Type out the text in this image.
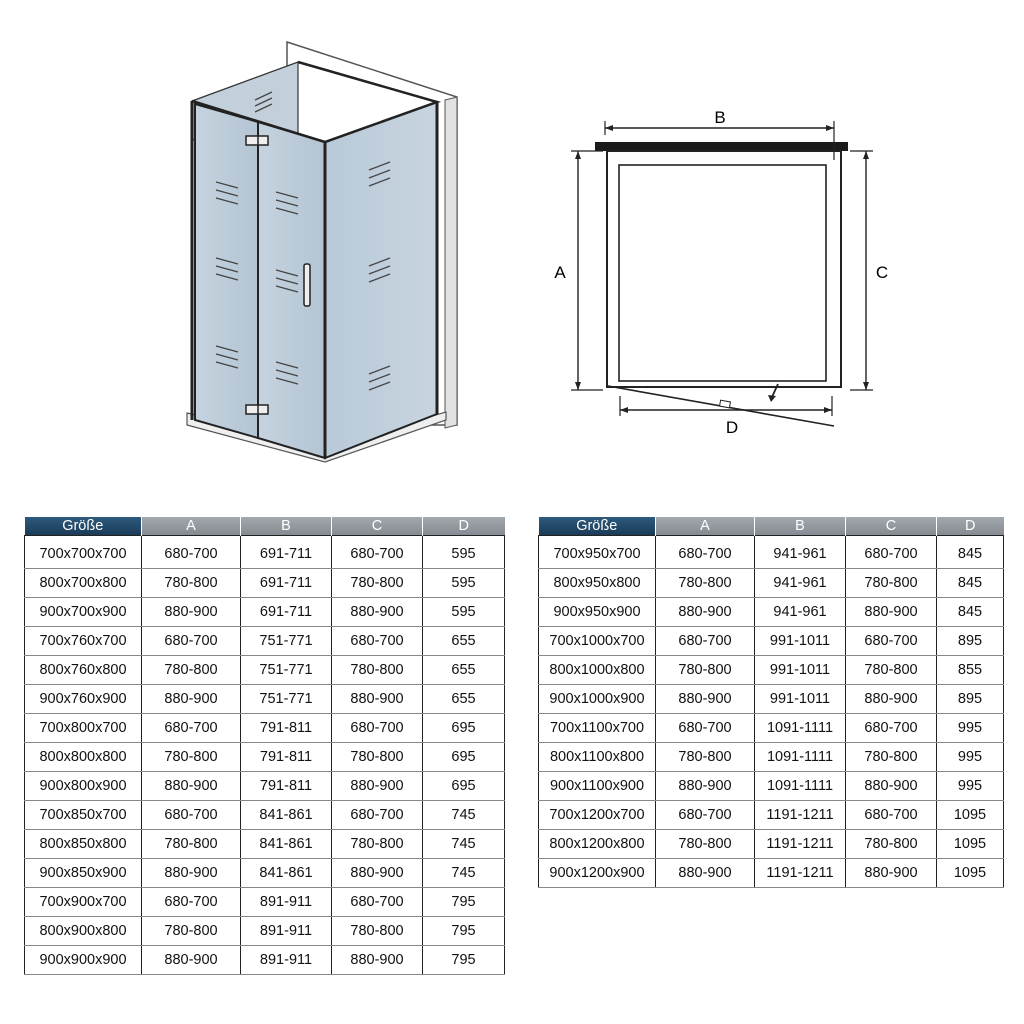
B
A	C
D
Größe	A	B	C	D

700x700x700	680-700	691-711	680-700	595
800x700x800	780-800	691-711	780-800	595
900x700x900	880-900	691-711	880-900	595
700x760x700	680-700	751-771	680-700	655
800x760x800	780-800	751-771	780-800	655
900x760x900	880-900	751-771	880-900	655
700x800x700	680-700	791-811	680-700	695
800x800x800	780-800	791-811	780-800	695
900x800x900	880-900	791-811	880-900	695
700x850x700	680-700	841-861	680-700	745
800x850x800	780-800	841-861	780-800	745
900x850x900	880-900	841-861	880-900	745
700x900x700	680-700	891-911	680-700	795
800x900x800	780-800	891-911	780-800	795
900x900x900	880-900	891-911	880-900	795
Größe	A	B	C	D

700x950x700	680-700	941-961	680-700	845
800x950x800	780-800	941-961	780-800	845
900x950x900	880-900	941-961	880-900	845
700x1000x700	680-700	991-1011	680-700	895
800x1000x800	780-800	991-1011	780-800	855
900x1000x900	880-900	991-1011	880-900	895
700x1100x700	680-700	1091-1111	680-700	995
800x1100x800	780-800	1091-1111	780-800	995
900x1100x900	880-900	1091-1111	880-900	995
700x1200x700	680-700	1191-1211	680-700	1095
800x1200x800	780-800	1191-1211	780-800	1095
900x1200x900	880-900	1191-1211	880-900	1095
